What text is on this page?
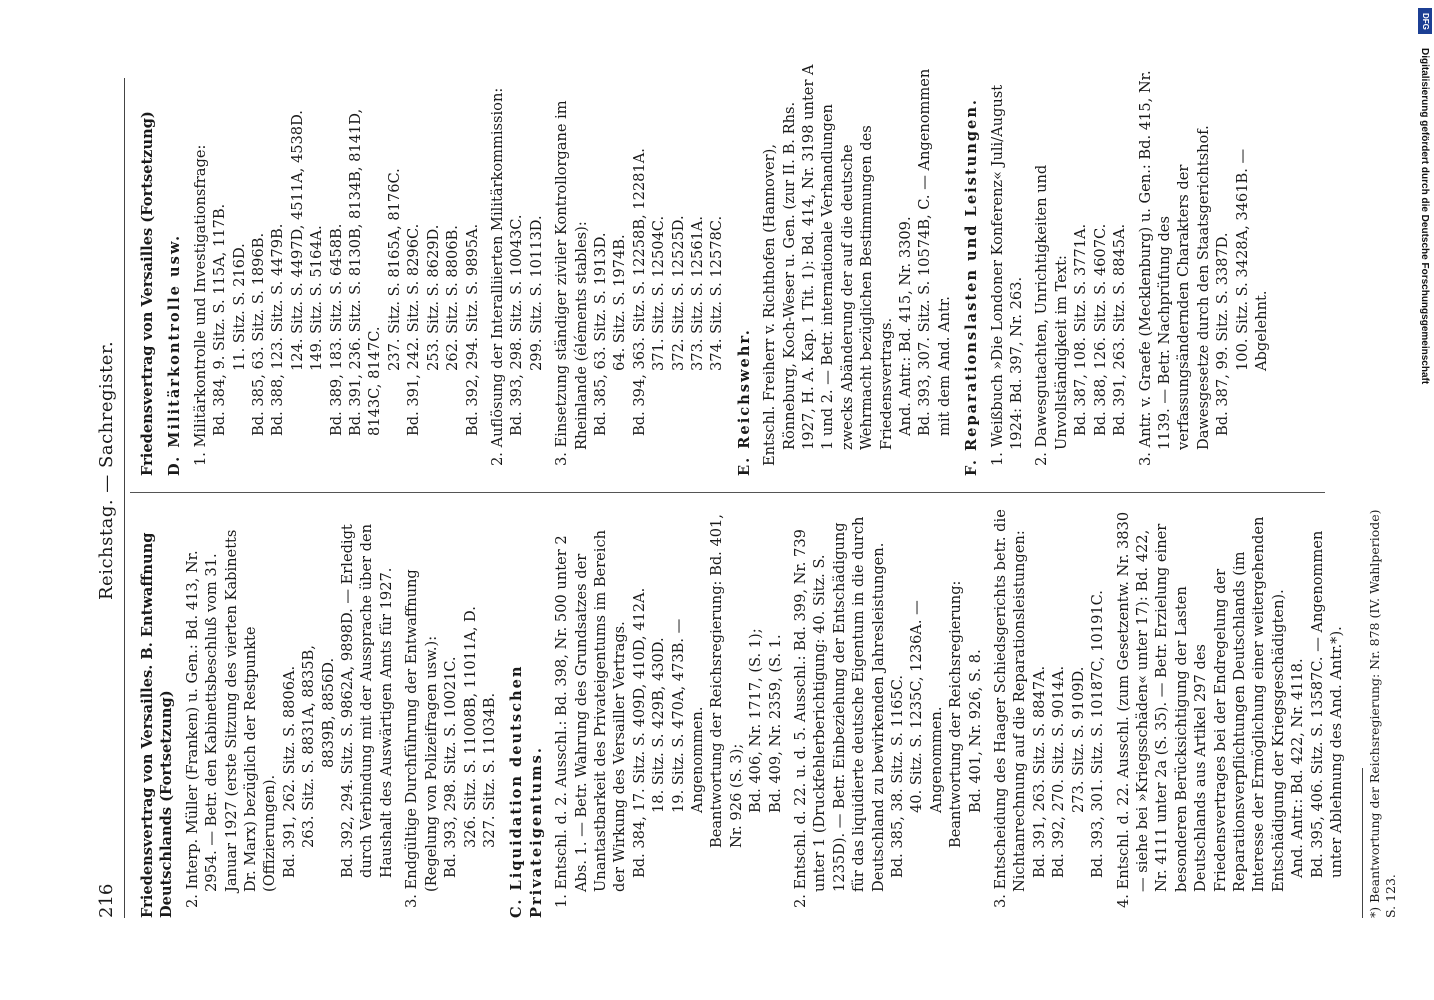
216
Reichstag. — Sachregister.
Friedensvertrag von Versailles. B. Entwaffnung Deutschlands (Fortsetzung) 2. Interp. Müller (Franken) u. Gen.: Bd. 413, Nr. 2954. — Betr. den Kabinettsbeschluß vom 31. Januar 1927 (erste Sitzung des vierten Kabinetts Dr. Marx) bezüglich der Restpunkte (Offizierungen). Bd. 391, 262. Sitz. S. 8806A. 263. Sitz. S. 8831A, 8835B, 8839B, 8856D. Bd. 392, 294. Sitz. S. 9862A, 9898D. — Erledigt durch Verbindung mit der Aussprache über den Haushalt des Auswärtigen Amts für 1927. 3. Endgültige Durchführung der Entwaffnung (Regelung von Polizeifragen usw.): Bd. 393, 298. Sitz. S. 10021C. 326. Sitz. S. 11008B, 11011A, D. 327. Sitz. S. 11034B. C. Liquidation deutschen Privateigentums. 1. Entschl. d. 2. Ausschl.: Bd. 398, Nr. 500 unter 2 Abs. 1. — Betr. Wahrung des Grundsatzes der Unantastbarkeit des Privateigentums im Bereich der Wirkung des Versailler Vertrags. Bd. 384, 17. Sitz. S. 409D, 410D, 412A. 18. Sitz. S. 429B, 430D. 19. Sitz. S. 470A, 473B. — Angenommen. Beantwortung der Reichsregierung: Bd. 401, Nr. 926 (S. 3); Bd. 406, Nr. 1717, (S. 1); Bd. 409, Nr. 2359, (S. 1. 2. Entschl. d. 22. u. d. 5. Ausschl.: Bd. 399, Nr. 739 unter 1 (Druckfehlerberichtigung: 40. Sitz. S. 1235D). — Betr. Einbeziehung der Entschädigung für das liquidierte deutsche Eigentum in die durch Deutschland zu bewirkenden Jahresleistungen. Bd. 385, 38. Sitz. S. 1165C. 40. Sitz. S. 1235C, 1236A. — Angenommen. Beantwortung der Reichsregierung: Bd. 401, Nr. 926, S. 8. 3. Entscheidung des Haager Schiedsgerichts betr. die Nichtanrechnung auf die Reparationsleistungen: Bd. 391, 263. Sitz. S. 8847A. Bd. 392, 270. Sitz. S. 9014A. 273. Sitz. S. 9109D. Bd. 393, 301. Sitz. S. 10187C, 10191C. 4. Entschl. d. 22. Ausschl. (zum Gesetzentw. Nr. 3830 — siehe bei »Kriegsschäden« unter 17): Bd. 422, Nr. 4111 unter 2a (S. 35). — Betr. Erzielung einer besonderen Berücksichtigung der Lasten Deutschlands aus Artikel 297 des Friedensvertrages bei der Endregelung der Reparationsverpflichtungen Deutschlands (im Interesse der Ermöglichung einer weitergehenden Entschädigung der Kriegsgeschädigten). And. Antr.: Bd. 422, Nr. 4118. Bd. 395, 406. Sitz. S. 13587C. — Angenommen unter Ablehnung des And. Antr.*). *) Beantwortung der Reichsregierung: Nr. 878 (IV. Wahlperiode) S. 123.
Friedensvertrag von Versailles (Fortsetzung) D. Militärkontrolle usw. 1. Militärkontrolle und Investigationsfrage: Bd. 384, 9. Sitz. S. 115A, 117B. 11. Sitz. S. 216D. Bd. 385, 63. Sitz. S. 1896B. Bd. 388, 123. Sitz. S. 4479B. 124. Sitz. S. 4497D, 4511A, 4538D. 149. Sitz. S. 5164A. Bd. 389, 183. Sitz. S. 6458B. Bd. 391, 236. Sitz. S. 8130B, 8134B, 8141D, 8143C, 8147C.
237. Sitz. S. 8165A, 8176C. Bd. 391, 242. Sitz. S. 8296C. 253. Sitz. S. 8629D. 262. Sitz. S. 8806B. Bd. 392, 294. Sitz. S. 9895A. 2. Auflösung der Interalliierten Militärkommission: Bd. 393, 298. Sitz. S. 10043C. 299. Sitz. S. 10113D. 3. Einsetzung ständiger ziviler Kontrollorgane im Rheinlande (éléments stables): Bd. 385, 63. Sitz. S. 1913D. 64. Sitz. S. 1974B. Bd. 394, 363. Sitz. S. 12258B, 12281A. 371. Sitz. S. 12504C. 372. Sitz. S. 12525D. 373. Sitz. S. 12561A. 374. Sitz. S. 12578C.
E. Reichswehr. Entschl. Freiherr v. Richthofen (Hannover), Rönneburg, Koch-Weser u. Gen. (zur II. B. Rhs. 1927, H. A. Kap. 1 Tit. 1): Bd. 414, Nr. 3198 unter A 1 und 2. — Betr. internationale Verhandlungen zwecks Abänderung der auf die deutsche Wehrmacht bezüglichen Bestimmungen des Friedensvertrags. And. Antr.: Bd. 415, Nr. 3309. Bd. 393, 307. Sitz. S. 10574B, C. — Angenommen mit dem And. Antr. F. Reparationslasten und Leistungen. 1. Weißbuch »Die Londoner Konferenz« Juli/August 1924: Bd. 397, Nr. 263. 2. Dawesgutachten, Unrichtigkeiten und Unvollständigkeit im Text: Bd. 387, 108. Sitz. S. 3771A. Bd. 388, 126. Sitz. S. 4607C. Bd. 391, 263. Sitz. S. 8845A. 3. Antr. v. Graefe (Mecklenburg) u. Gen.: Bd. 415, Nr. 1139. — Betr. Nachprüfung des verfassungsändernden Charakters der Dawesgesetze durch den Staatsgerichtshof. Bd. 387, 99. Sitz. S. 3387D. 100. Sitz. S. 3428A, 3461B. — Abgelehnt.
DFG
Digitalisierung gefördert durch die Deutsche Forschungsgemeinschaft
